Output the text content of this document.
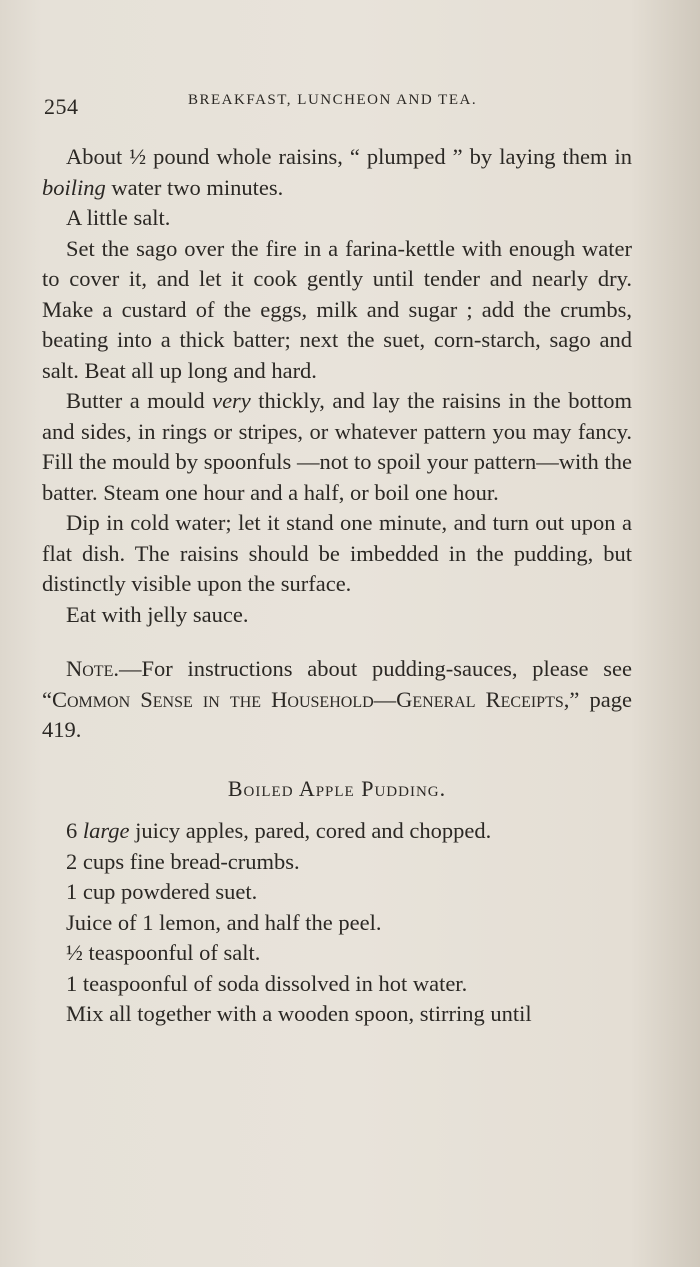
254	BREAKFAST, LUNCHEON AND TEA.

About ½ pound whole raisins, “ plumped ” by laying them in boiling water two minutes.

A little salt.

Set the sago over the fire in a farina-kettle with enough water to cover it, and let it cook gently until tender and nearly dry. Make a custard of the eggs, milk and sugar ; add the crumbs, beating into a thick batter; next the suet, corn-starch, sago and salt. Beat all up long and hard.

Butter a mould very thickly, and lay the raisins in the bottom and sides, in rings or stripes, or whatever pattern you may fancy. Fill the mould by spoonfuls —not to spoil your pattern—with the batter. Steam one hour and a half, or boil one hour.

Dip in cold water; let it stand one minute, and turn out upon a flat dish. The raisins should be imbedded in the pudding, but distinctly visible upon the surface.

Eat with jelly sauce.

Note.—For instructions about pudding-sauces, please see “Common Sense in the Household—General Receipts,” page 419.

Boiled Apple Pudding.

6 large juicy apples, pared, cored and chopped.

2 cups fine bread-crumbs.

1 cup powdered suet.

Juice of 1 lemon, and half the peel.

½ teaspoonful of salt.

1 teaspoonful of soda dissolved in hot water.

Mix all together with a wooden spoon, stirring until
